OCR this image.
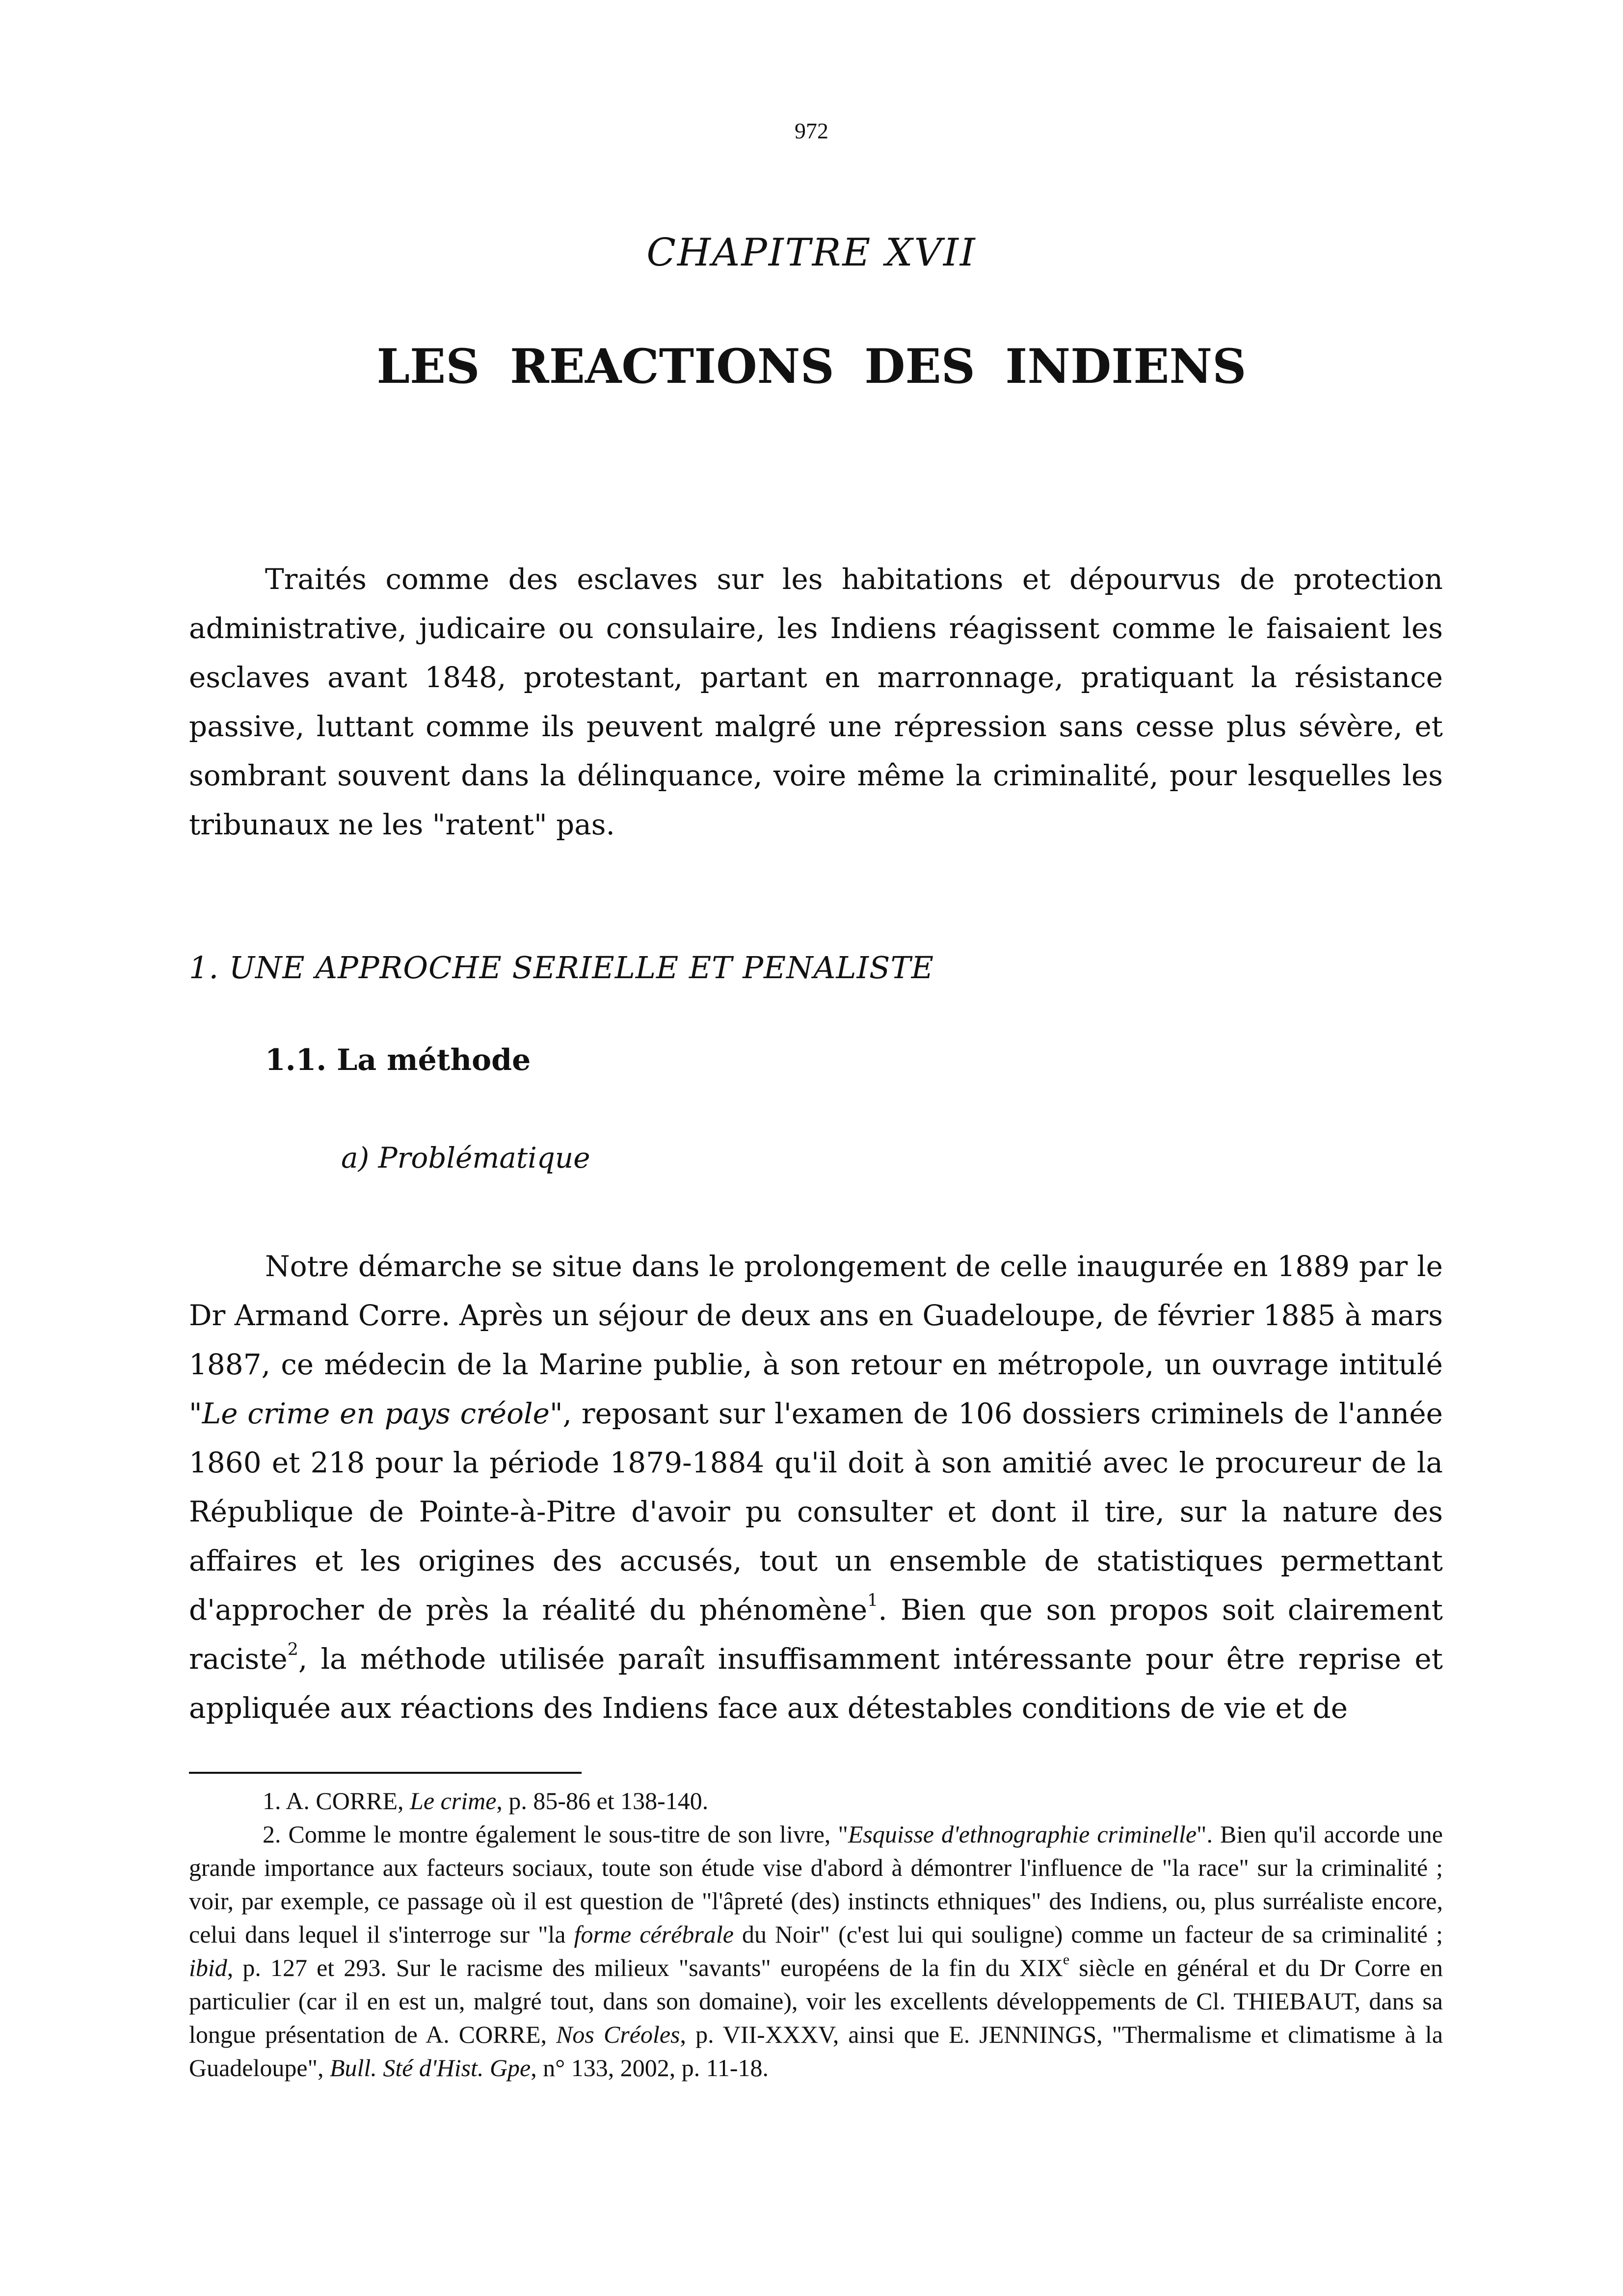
972
CHAPITRE XVII
LES REACTIONS DES INDIENS

Traités comme des esclaves sur les habitations et dépourvus de protection administrative, judicaire ou consulaire, les Indiens réagissent comme le faisaient les esclaves avant 1848, protestant, partant en marronnage, pratiquant la résistance passive, luttant comme ils peuvent malgré une répression sans cesse plus sévère, et sombrant souvent dans la délinquance, voire même la criminalité, pour lesquelles les tribunaux ne les "ratent" pas.

1. UNE APPROCHE SERIELLE ET PENALISTE
1.1. La méthode
a) Problématique

Notre démarche se situe dans le prolongement de celle inaugurée en 1889 par le Dr Armand Corre. Après un séjour de deux ans en Guadeloupe, de février 1885 à mars 1887, ce médecin de la Marine publie, à son retour en métropole, un ouvrage intitulé "Le crime en pays créole", reposant sur l'examen de 106 dossiers criminels de l'année 1860 et 218 pour la période 1879-1884 qu'il doit à son amitié avec le procureur de la République de Pointe-à-Pitre d'avoir pu consulter et dont il tire, sur la nature des affaires et les origines des accusés, tout un ensemble de statistiques permettant d'approcher de près la réalité du phénomène$^1$. Bien que son propos soit clairement raciste$^2$, la méthode utilisée paraît insuffisamment intéressante pour être reprise et appliquée aux réactions des Indiens face aux détestables conditions de vie et de

1. A. CORRE, Le crime, p. 85-86 et 138-140.

2. Comme le montre également le sous-titre de son livre, "Esquisse d'ethnographie criminelle". Bien qu'il accorde une grande importance aux facteurs sociaux, toute son étude vise d'abord à démontrer l'influence de "la race" sur la criminalité ; voir, par exemple, ce passage où il est question de "l'âpreté (des) instincts ethniques" des Indiens, ou, plus surréaliste encore, celui dans lequel il s'interroge sur "la forme cérébrale du Noir" (c'est lui qui souligne) comme un facteur de sa criminalité ; ibid, p. 127 et 293. Sur le racisme des milieux "savants" européens de la fin du XIXe siècle en général et du Dr Corre en particulier (car il en est un, malgré tout, dans son domaine), voir les excellents développements de Cl. THIEBAUT, dans sa longue présentation de A. CORRE, Nos Créoles, p. VII-XXXV, ainsi que E. JENNINGS, "Thermalisme et climatisme à la Guadeloupe", Bull. Sté d'Hist. Gpe, n° 133, 2002, p. 11-18.
